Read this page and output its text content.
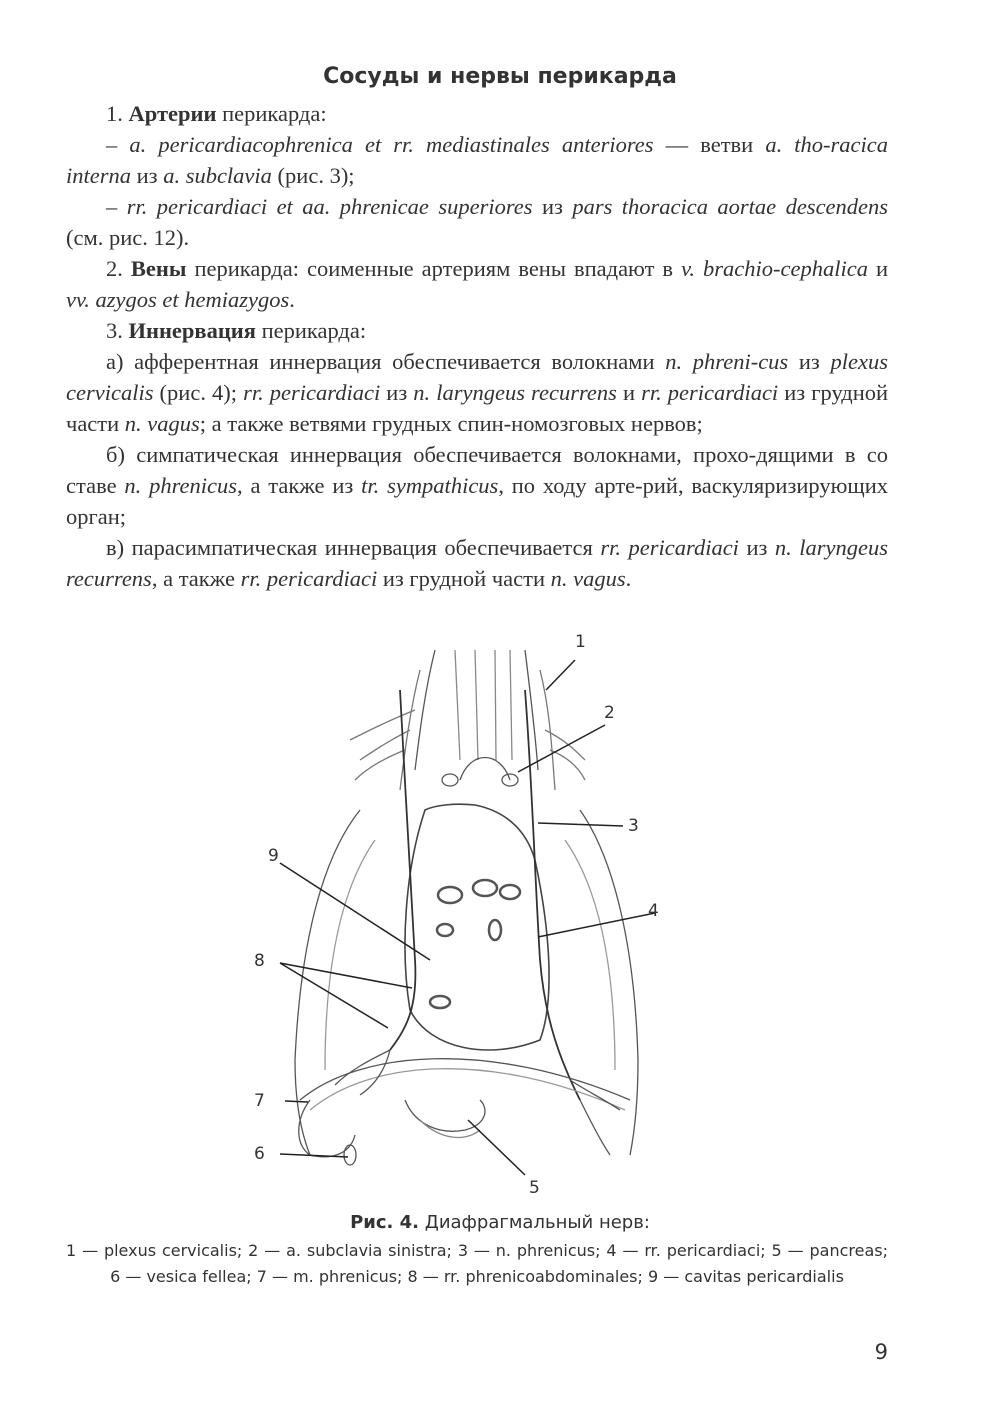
Сосуды и нервы перикарда

1. Артерии перикарда:

– a. pericardiacophrenica et rr. mediastinales anteriores — ветви a. tho-racica interna из a. subclavia (рис. 3);

– rr. pericardiaci et aa. phrenicae superiores из pars thoracica aortae descendens (см. рис. 12).

2. Вены перикарда: соименные артериям вены впадают в v. brachio-cephalica и vv. azygos et hemiazygos.

3. Иннервация перикарда:

а) афферентная иннервация обеспечивается волокнами n. phreni-cus из plexus cervicalis (рис. 4); rr. pericardiaci из n. laryngeus recurrens и rr. pericardiaci из грудной части n. vagus; а также ветвями грудных спин-номозговых нервов;

б) симпатическая иннервация обеспечивается волокнами, прохо-дящими в со ставе n. phrenicus, а также из tr. sympathicus, по ходу арте-рий, васкуляризирующих орган;

в) парасимпатическая иннервация обеспечивается rr. pericardiaci из n. laryngeus recurrens, а также rr. pericardiaci из грудной части n. vagus.

1
2
3
4
5
6
7
8
9
Рис. 4. Диафрагмальный нерв:
1 — plexus cervicalis; 2 — a. subclavia sinistra; 3 — n. phrenicus; 4 — rr. pericardiaci; 5 — pancreas; 6 — vesica fellea; 7 — m. phrenicus; 8 — rr. phrenicoabdominales; 9 — cavitas pericardialis
9
